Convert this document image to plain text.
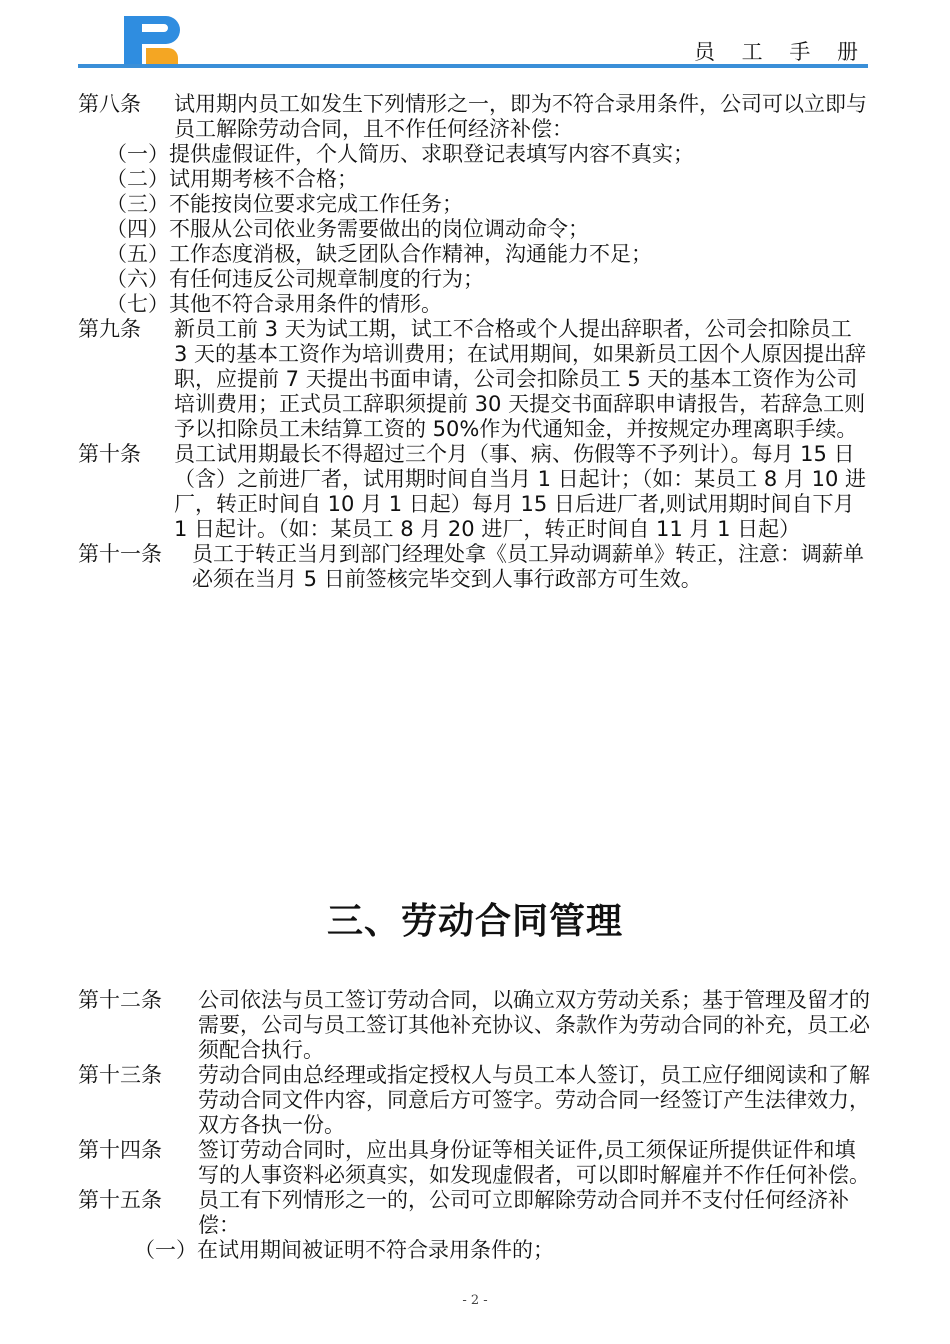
员 工 手 册
第八条	试用期内员工如发生下列情形之一，即为不符合录用条件，公司可以立即与员工解除劳动合同，且不作任何经济补偿：
（一） 提供虚假证件，个人简历、求职登记表填写内容不真实；
（二） 试用期考核不合格；
（三） 不能按岗位要求完成工作任务；
（四） 不服从公司依业务需要做出的岗位调动命令；
（五） 工作态度消极，缺乏团队合作精神，沟通能力不足；
（六） 有任何违反公司规章制度的行为；
（七） 其他不符合录用条件的情形。
第九条	新员工前 3 天为试工期，试工不合格或个人提出辞职者，公司会扣除员工 3 天的基本工资作为培训费用；在试用期间，如果新员工因个人原因提出辞职，应提前 7 天提出书面申请，公司会扣除员工 5 天的基本工资作为公司培训费用；正式员工辞职须提前 30 天提交书面辞职申请报告，若辞急工则予以扣除员工未结算工资的 50%作为代通知金，并按规定办理离职手续。
第十条	员工试用期最长不得超过三个月（事、病、伤假等不予列计）。每月 15 日（含）之前进厂者，试用期时间自当月 1 日起计；（如：某员工 8 月 10 进厂，转正时间自 10 月 1 日起）每月 15 日后进厂者,则试用期时间自下月 1 日起计。（如：某员工 8 月 20 进厂，转正时间自 11 月 1 日起）
第十一条	员工于转正当月到部门经理处拿《员工异动调薪单》转正，注意：调薪单必须在当月 5 日前签核完毕交到人事行政部方可生效。
三、劳动合同管理
第十二条	公司依法与员工签订劳动合同，以确立双方劳动关系；基于管理及留才的需要，公司与员工签订其他补充协议、条款作为劳动合同的补充，员工必须配合执行。
第十三条	劳动合同由总经理或指定授权人与员工本人签订，员工应仔细阅读和了解劳动合同文件内容，同意后方可签字。劳动合同一经签订产生法律效力，双方各执一份。
第十四条	签订劳动合同时，应出具身份证等相关证件,员工须保证所提供证件和填写的人事资料必须真实，如发现虚假者，可以即时解雇并不作任何补偿。
第十五条	员工有下列情形之一的，公司可立即解除劳动合同并不支付任何经济补偿：
（一） 在试用期间被证明不符合录用条件的；
- 2 -
